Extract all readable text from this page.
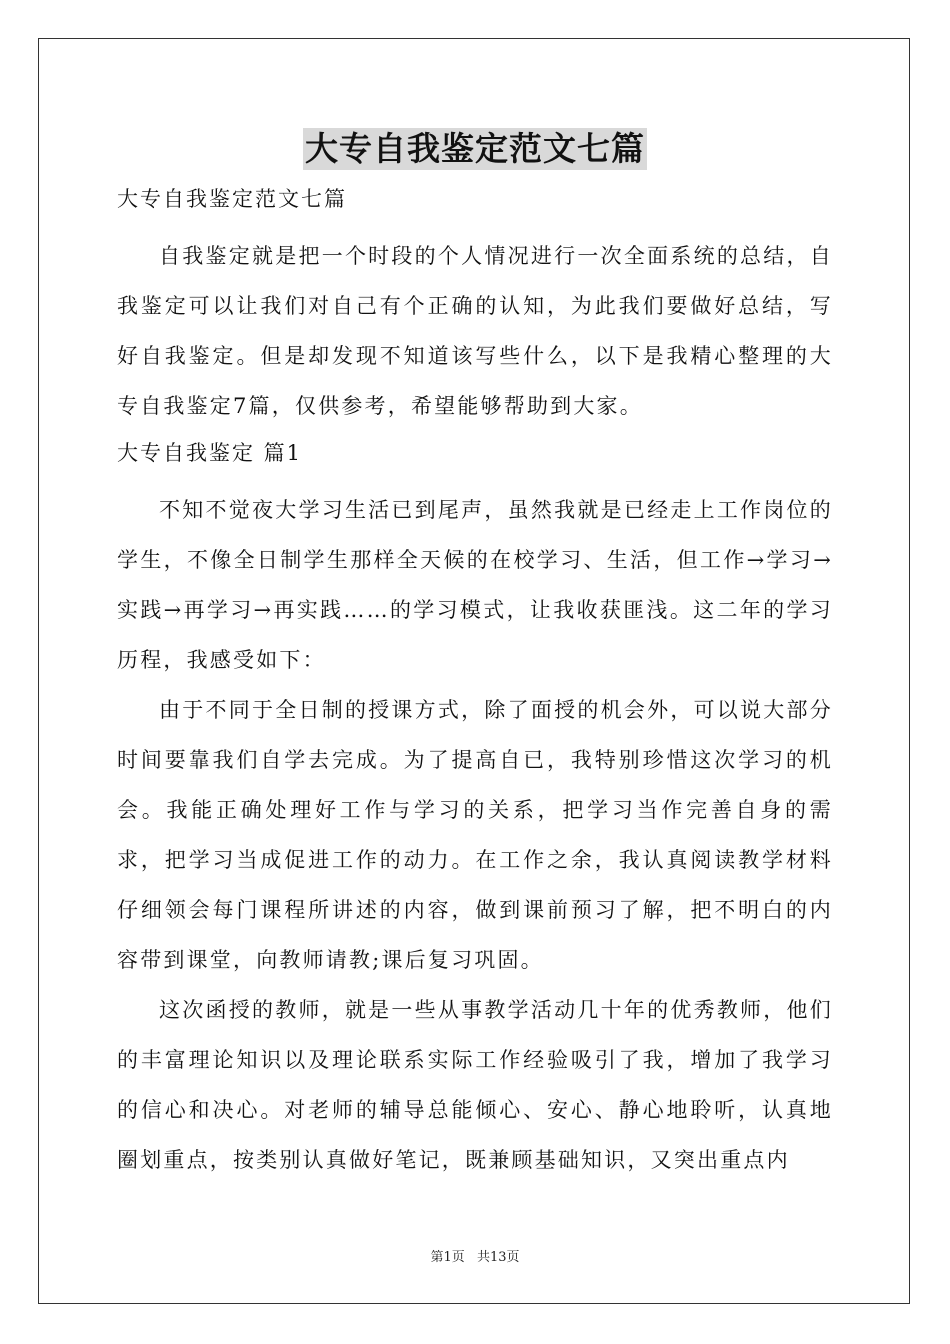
大专自我鉴定范文七篇
大专自我鉴定范文七篇

自我鉴定就是把一个时段的个人情况进行一次全面系统的总结，自我鉴定可以让我们对自己有个正确的认知，为此我们要做好总结，写好自我鉴定。但是却发现不知道该写些什么，以下是我精心整理的大专自我鉴定7篇，仅供参考，希望能够帮助到大家。

大专自我鉴定 篇1

不知不觉夜大学习生活已到尾声，虽然我就是已经走上工作岗位的学生，不像全日制学生那样全天候的在校学习、生活，但工作→学习→实践→再学习→再实践……的学习模式，让我收获匪浅。这二年的学习历程，我感受如下：

由于不同于全日制的授课方式，除了面授的机会外，可以说大部分时间要靠我们自学去完成。为了提高自已，我特别珍惜这次学习的机会。我能正确处理好工作与学习的关系，把学习当作完善自身的需求，把学习当成促进工作的动力。在工作之余，我认真阅读教学材料仔细领会每门课程所讲述的内容，做到课前预习了解，把不明白的内容带到课堂，向教师请教;课后复习巩固。

这次函授的教师，就是一些从事教学活动几十年的优秀教师，他们的丰富理论知识以及理论联系实际工作经验吸引了我，增加了我学习的信心和决心。对老师的辅导总能倾心、安心、静心地聆听，认真地圈划重点，按类别认真做好笔记，既兼顾基础知识，又突出重点内

第1页 共13页
